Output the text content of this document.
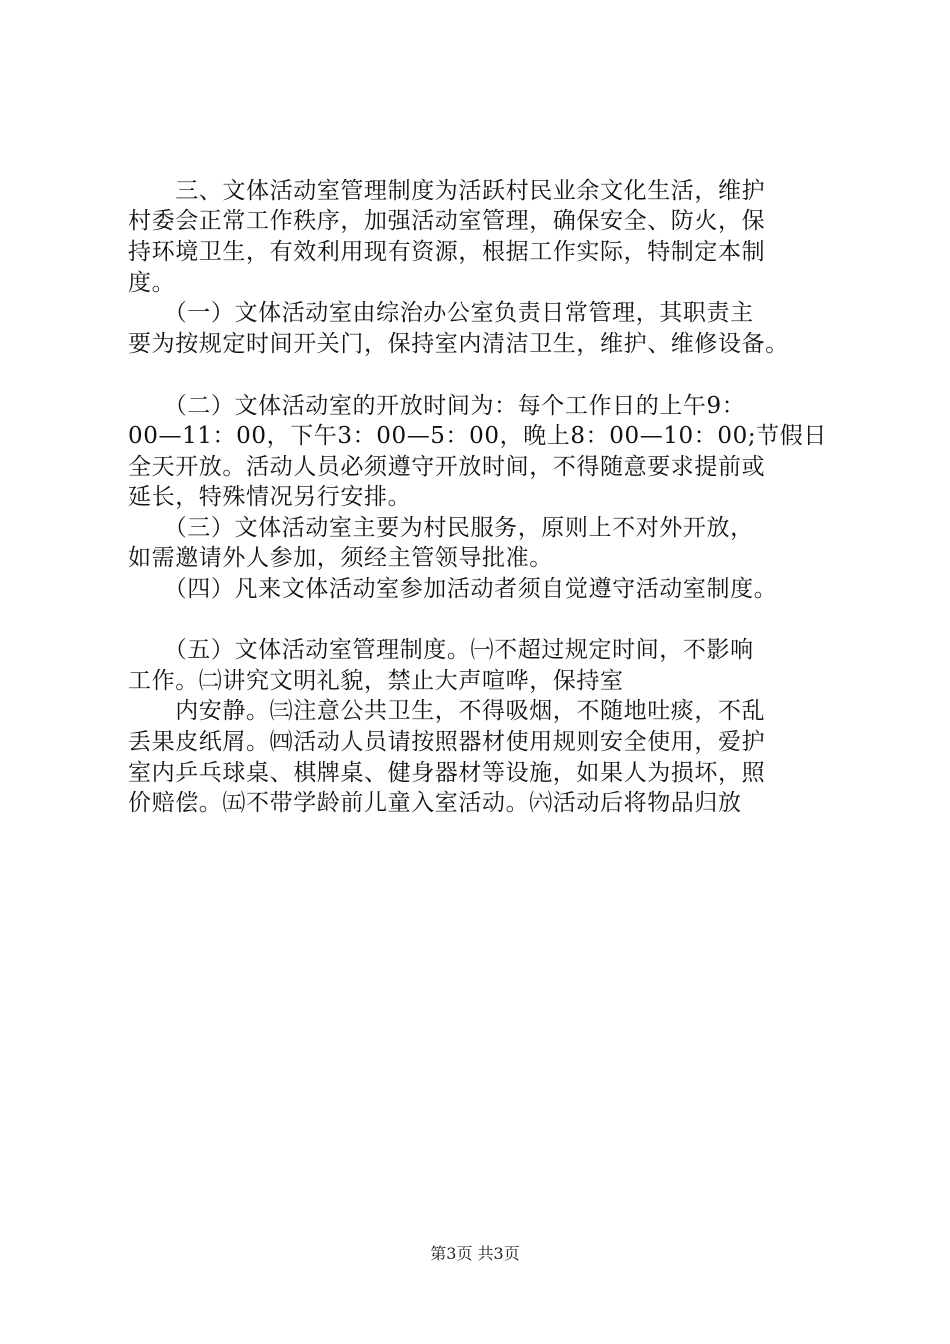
　　三、文体活动室管理制度为活跃村民业余文化生活，维护
村委会正常工作秩序，加强活动室管理，确保安全、防火，保
持环境卫生，有效利用现有资源，根据工作实际，特制定本制
度。
　　（一）文体活动室由综治办公室负责日常管理，其职责主
要为按规定时间开关门，保持室内清洁卫生，维护、维修设备。
　　（二）文体活动室的开放时间为：每个工作日的上午9：
00—11：00，下午3：00—5：00，晚上8：00—10：00;节假日
全天开放。活动人员必须遵守开放时间，不得随意要求提前或
延长，特殊情况另行安排。
　　（三）文体活动室主要为村民服务，原则上不对外开放，
如需邀请外人参加，须经主管领导批准。
　　（四）凡来文体活动室参加活动者须自觉遵守活动室制度。
　　（五）文体活动室管理制度。㈠不超过规定时间，不影响
工作。㈡讲究文明礼貌，禁止大声喧哗，保持室
　　内安静。㈢注意公共卫生，不得吸烟，不随地吐痰，不乱
丢果皮纸屑。㈣活动人员请按照器材使用规则安全使用，爱护
室内乒乓球桌、棋牌桌、健身器材等设施，如果人为损坏，照
价赔偿。㈤不带学龄前儿童入室活动。㈥活动后将物品归放
第3页 共3页
